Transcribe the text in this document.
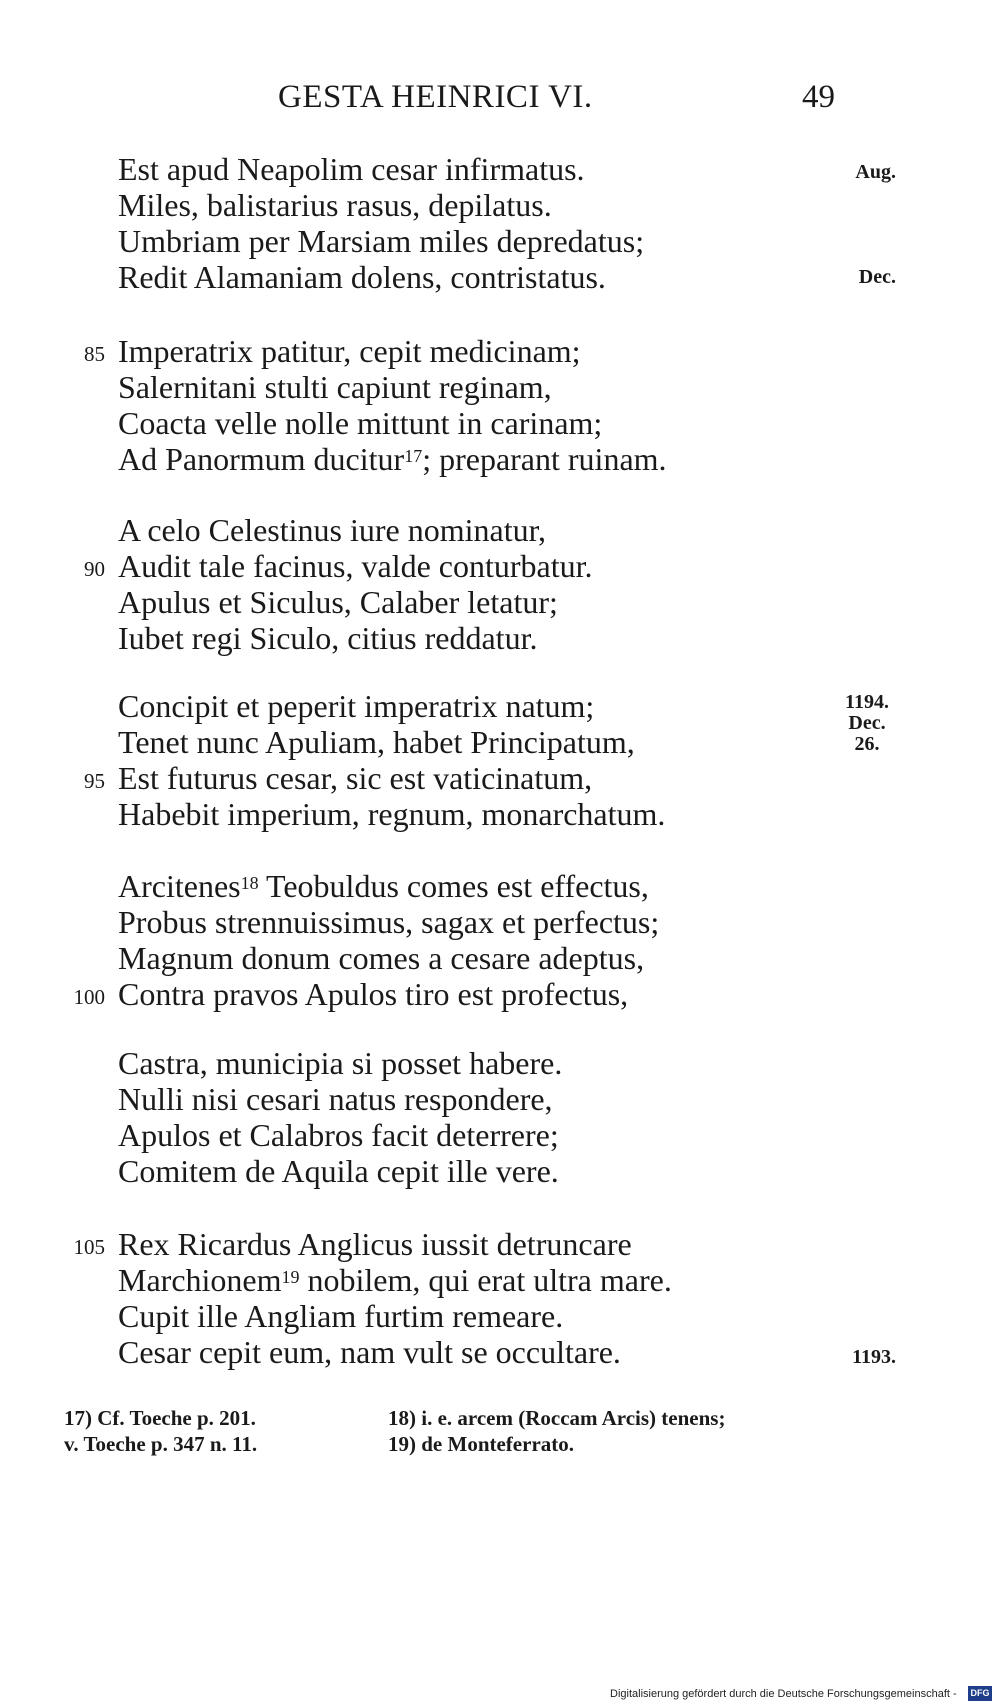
GESTA HEINRICI VI.	49
Est apud Neapolim cesar infirmatus.
Miles, balistarius rasus, depilatus.
Umbriam per Marsiam miles depredatus;
Redit Alamaniam dolens, contristatus.
85 Imperatrix patitur, cepit medicinam;
Salernitani stulti capiunt reginam,
Coacta velle nolle mittunt in carinam;
Ad Panormum ducitur$^{17}$; preparant ruinam.
A celo Celestinus iure nominatur,
90 Audit tale facinus, valde conturbatur.
Apulus et Siculus, Calaber letatur;
Iubet regi Siculo, citius reddatur.
Concipit et peperit imperatrix natum;
Tenet nunc Apuliam, habet Principatum,
95 Est futurus cesar, sic est vaticinatum,
Habebit imperium, regnum, monarchatum.
Arcitenes$^{18}$ Teobuldus comes est effectus,
Probus strennuissimus, sagax et perfectus;
Magnum donum comes a cesare adeptus,
100 Contra pravos Apulos tiro est profectus,
Castra, municipia si posset habere.
Nulli nisi cesari natus respondere,
Apulos et Calabros facit deterrere;
Comitem de Aquila cepit ille vere.
105 Rex Ricardus Anglicus iussit detruncare
Marchionem$^{19}$ nobilem, qui erat ultra mare.
Cupit ille Angliam furtim remeare.
Cesar cepit eum, nam vult se occultare.
Aug.
Dec.
1194.
Dec.
26.
1193.
17) Cf. Toeche p. 201.
v. Toeche p. 347 n. 11.
18) i. e. arcem (Roccam Arcis) tenens;
19) de Monteferrato.
Digitalisierung gefördert durch die Deutsche Forschungsgemeinschaft - DFG
